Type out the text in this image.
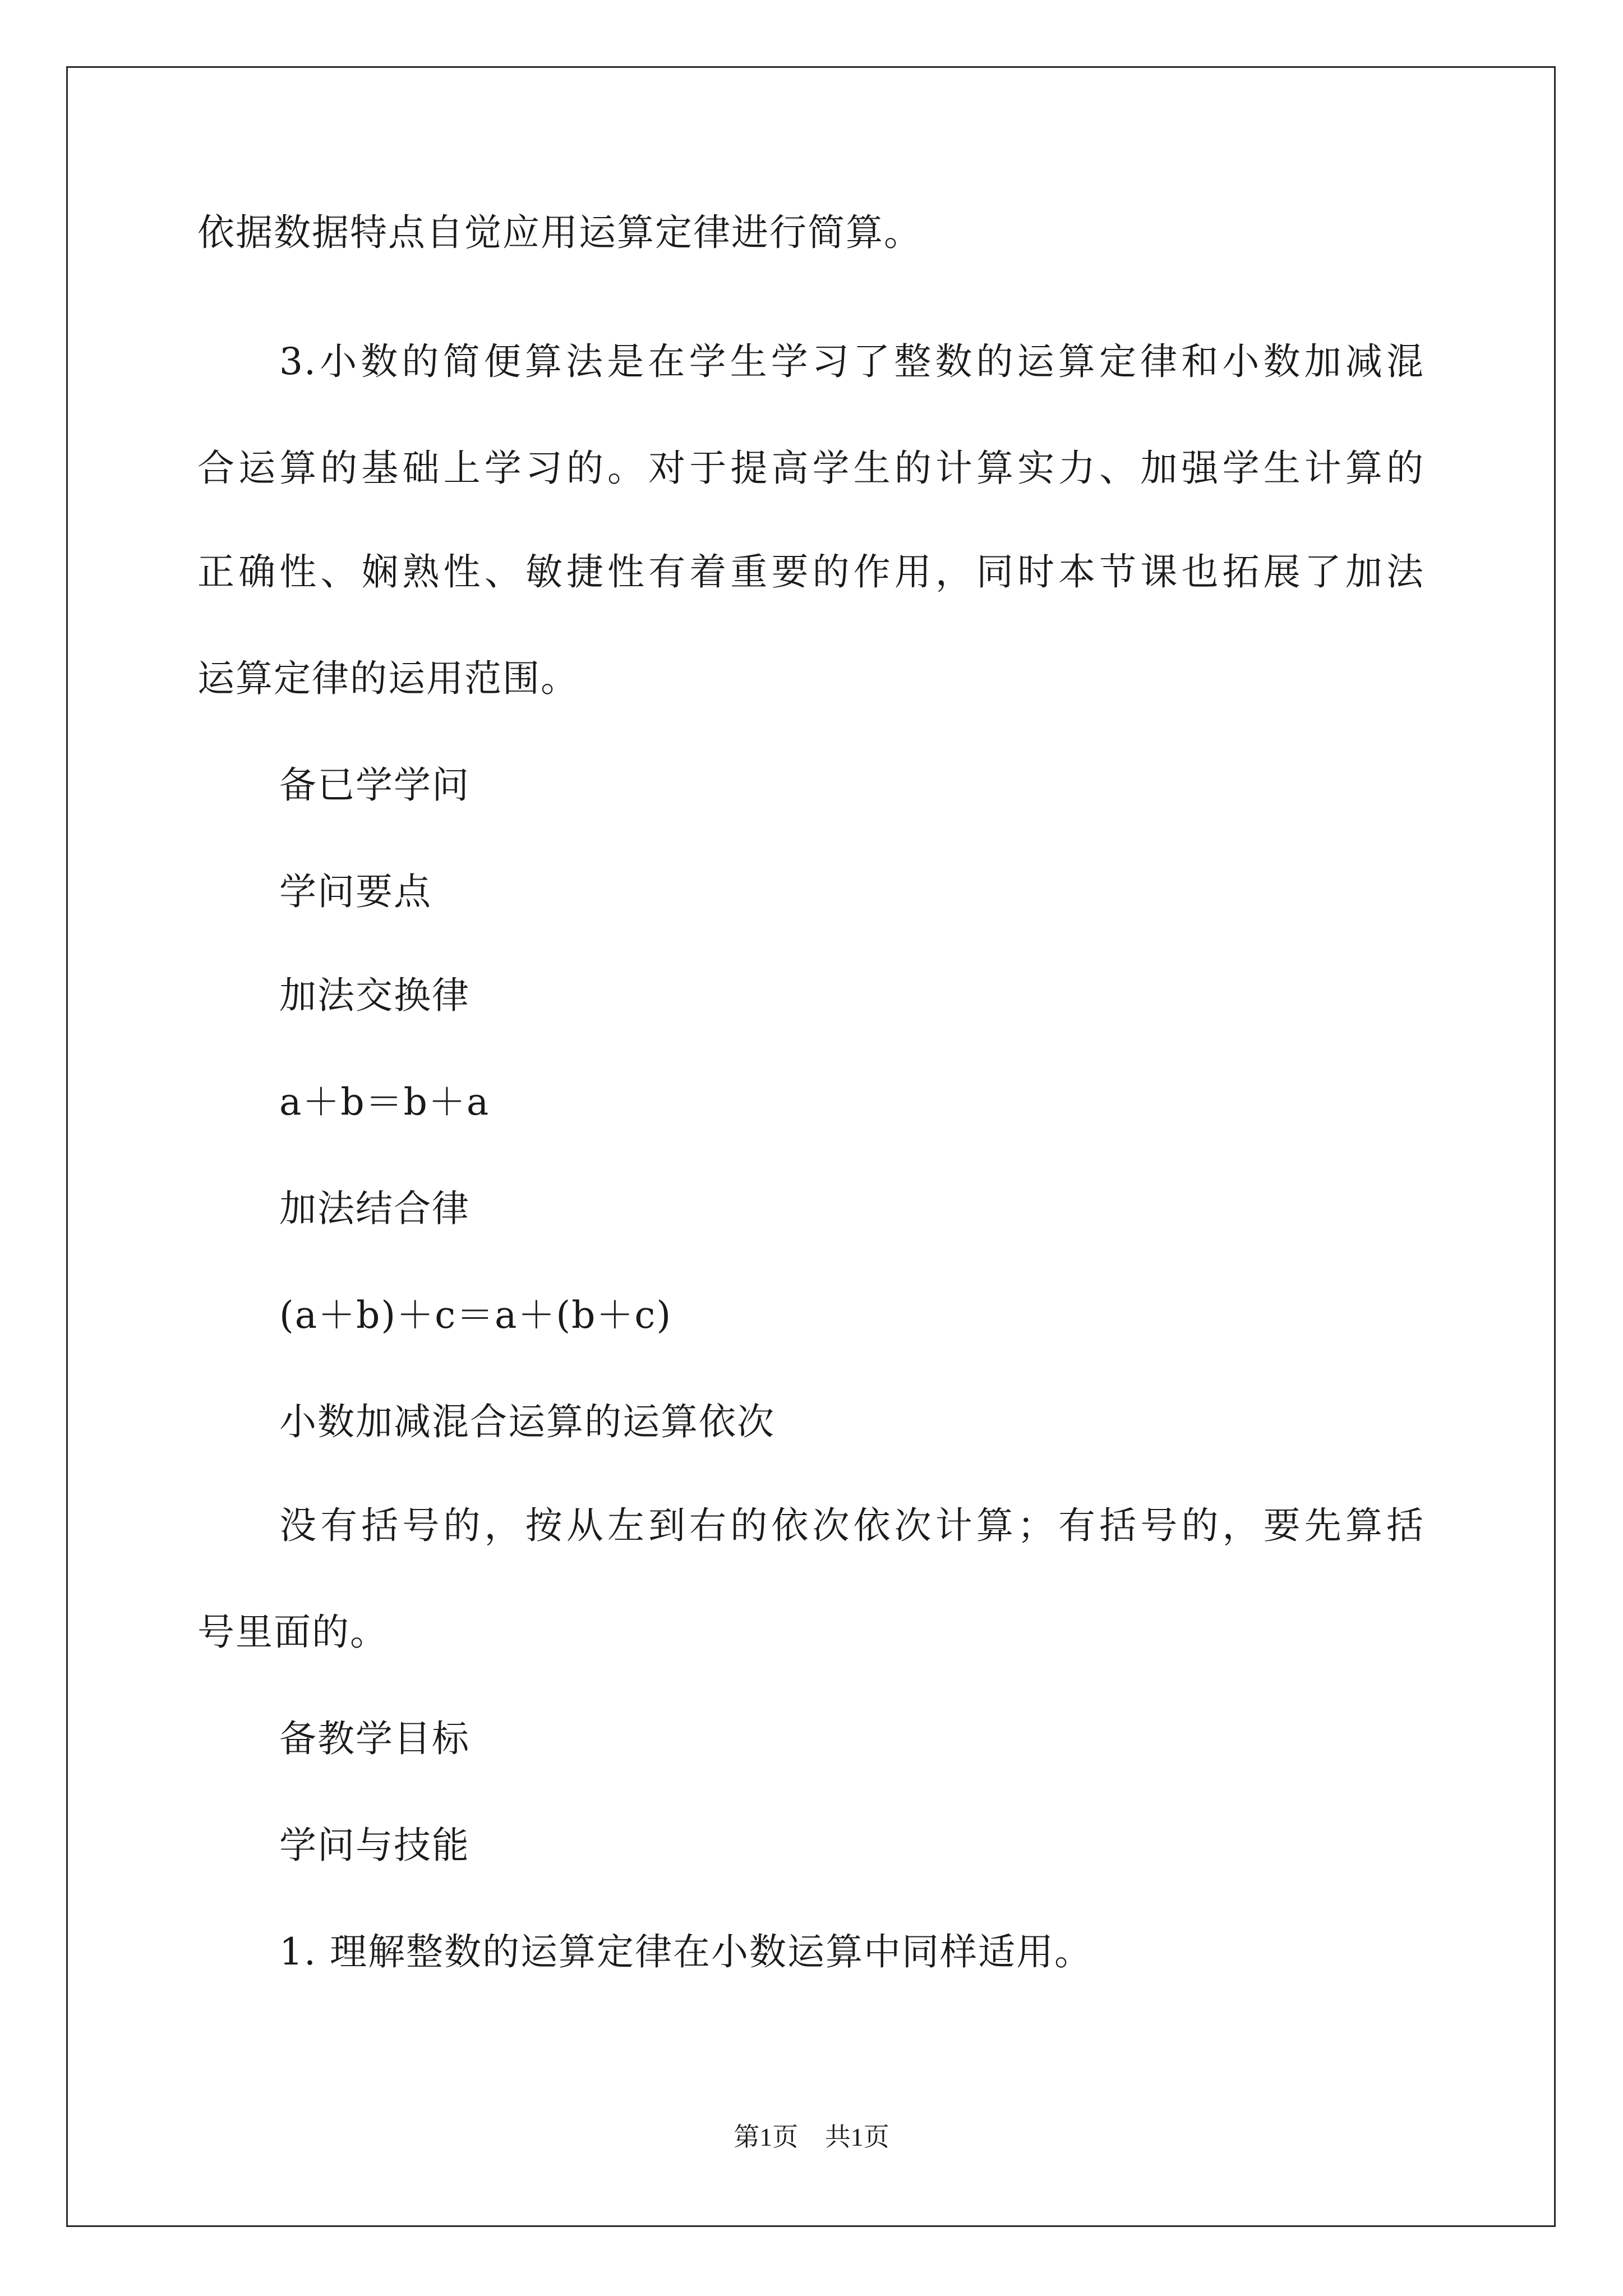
依据数据特点自觉应用运算定律进行简算。
3.小数的简便算法是在学生学习了整数的运算定律和小数加减混
合运算的基础上学习的。对于提高学生的计算实力、加强学生计算的
正确性、娴熟性、敏捷性有着重要的作用，同时本节课也拓展了加法
运算定律的运用范围。
备已学学问
学问要点
加法交换律
a＋b＝b＋a
加法结合律
(a＋b)＋c＝a＋(b＋c)
小数加减混合运算的运算依次
没有括号的，按从左到右的依次依次计算；有括号的，要先算括
号里面的。
备教学目标
学问与技能
1. 理解整数的运算定律在小数运算中同样适用。
第1页 共1页
